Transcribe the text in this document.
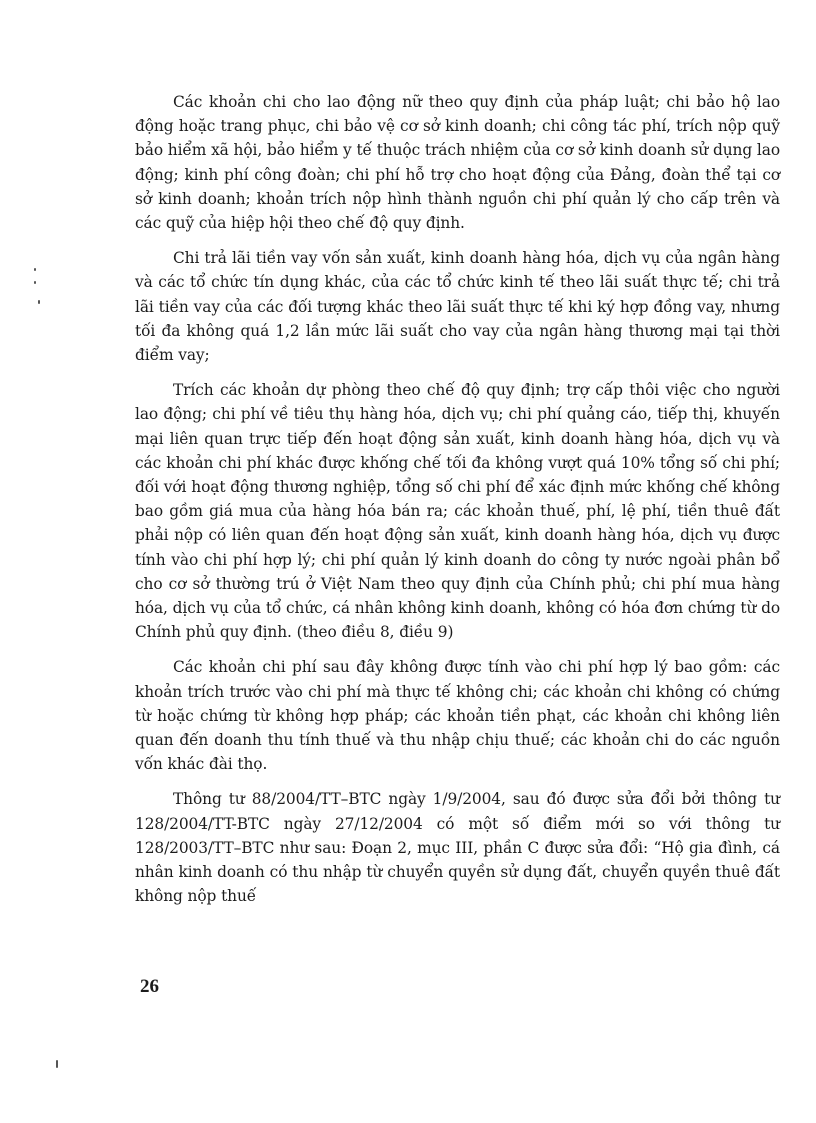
Các khoản chi cho lao động nữ theo quy định của pháp luật; chi bảo hộ lao động hoặc trang phục, chi bảo vệ cơ sở kinh doanh; chi công tác phí, trích nộp quỹ bảo hiểm xã hội, bảo hiểm y tế thuộc trách nhiệm của cơ sở kinh doanh sử dụng lao động; kinh phí công đoàn; chi phí hỗ trợ cho hoạt động của Đảng, đoàn thể tại cơ sở kinh doanh; khoản trích nộp hình thành nguồn chi phí quản lý cho cấp trên và các quỹ của hiệp hội theo chế độ quy định.

Chi trả lãi tiền vay vốn sản xuất, kinh doanh hàng hóa, dịch vụ của ngân hàng và các tổ chức tín dụng khác, của các tổ chức kinh tế theo lãi suất thực tế; chi trả lãi tiền vay của các đối tượng khác theo lãi suất thực tế khi ký hợp đồng vay, nhưng tối đa không quá 1,2 lần mức lãi suất cho vay của ngân hàng thương mại tại thời điểm vay;

Trích các khoản dự phòng theo chế độ quy định; trợ cấp thôi việc cho người lao động; chi phí về tiêu thụ hàng hóa, dịch vụ; chi phí quảng cáo, tiếp thị, khuyến mại liên quan trực tiếp đến hoạt động sản xuất, kinh doanh hàng hóa, dịch vụ và các khoản chi phí khác được khống chế tối đa không vượt quá 10% tổng số chi phí; đối với hoạt động thương nghiệp, tổng số chi phí để xác định mức khống chế không bao gồm giá mua của hàng hóa bán ra; các khoản thuế, phí, lệ phí, tiền thuê đất phải nộp có liên quan đến hoạt động sản xuất, kinh doanh hàng hóa, dịch vụ được tính vào chi phí hợp lý; chi phí quản lý kinh doanh do công ty nước ngoài phân bổ cho cơ sở thường trú ở Việt Nam theo quy định của Chính phủ; chi phí mua hàng hóa, dịch vụ của tổ chức, cá nhân không kinh doanh, không có hóa đơn chứng từ do Chính phủ quy định. (theo điều 8, điều 9)

Các khoản chi phí sau đây không được tính vào chi phí hợp lý bao gồm: các khoản trích trước vào chi phí mà thực tế không chi; các khoản chi không có chứng từ hoặc chứng từ không hợp pháp; các khoản tiền phạt, các khoản chi không liên quan đến doanh thu tính thuế và thu nhập chịu thuế; các khoản chi do các nguồn vốn khác đài thọ.

Thông tư 88/2004/TT–BTC ngày 1/9/2004, sau đó được sửa đổi bởi thông tư 128/2004/TT-BTC ngày 27/12/2004 có một số điểm mới so với thông tư 128/2003/TT–BTC như sau: Đoạn 2, mục III, phần C được sửa đổi: “Hộ gia đình, cá nhân kinh doanh có thu nhập từ chuyển quyền sử dụng đất, chuyển quyền thuê đất không nộp thuế

26
